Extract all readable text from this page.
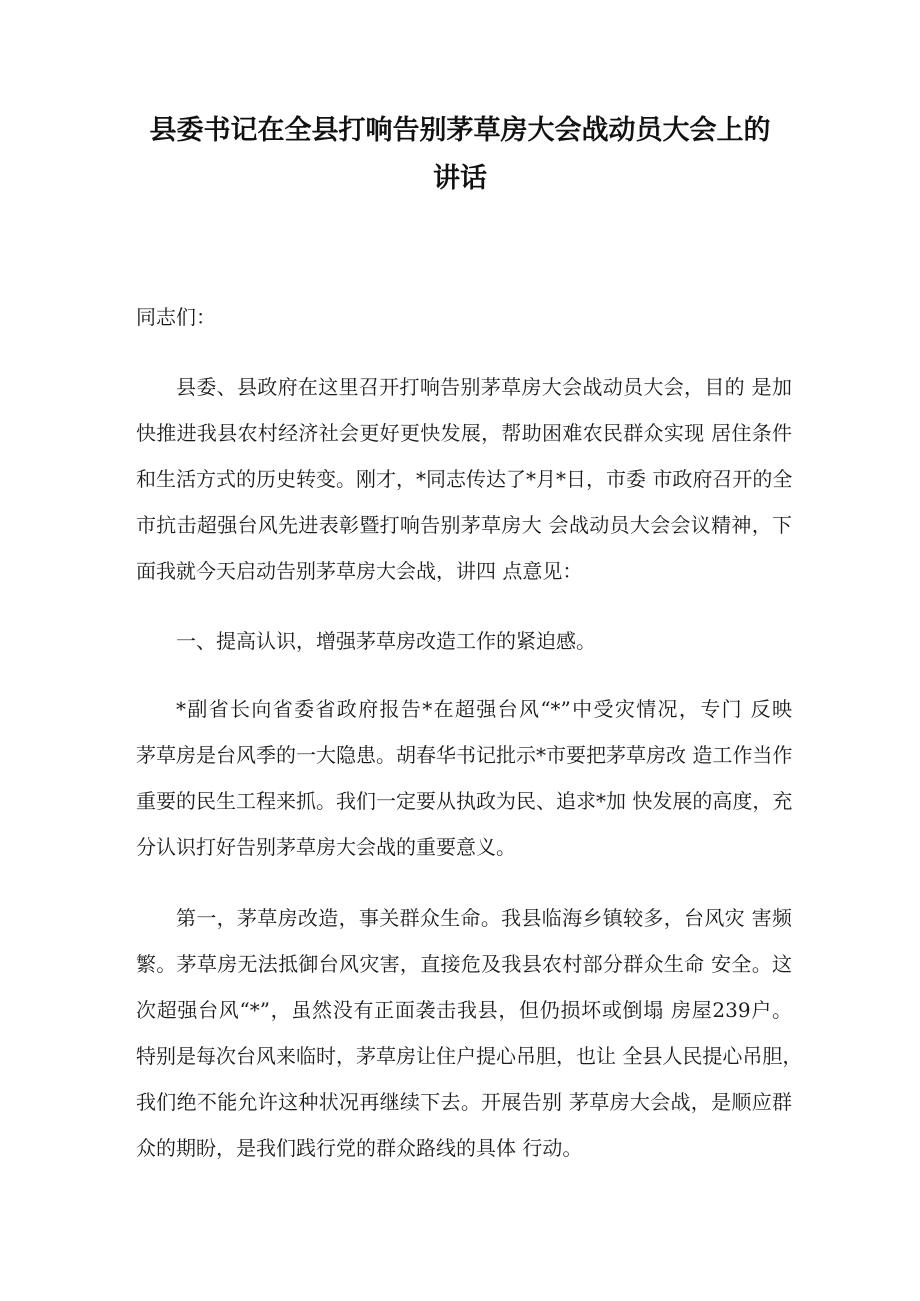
县委书记在全县打响告别茅草房大会战动员大会上的
讲话

同志们：

县委、县政府在这里召开打响告别茅草房大会战动员大会，目的 是加
快推进我县农村经济社会更好更快发展，帮助困难农民群众实现 居住条件
和生活方式的历史转变。刚才，*同志传达了*月*日，市委 市政府召开的全
市抗击超强台风先进表彰暨打响告别茅草房大 会战动员大会会议精神，下
面我就今天启动告别茅草房大会战，讲四 点意见：
一、提高认识，增强茅草房改造工作的紧迫感。
*副省长向省委省政府报告*在超强台风“*”中受灾情况，专门 反映
茅草房是台风季的一大隐患。胡春华书记批示*市要把茅草房改 造工作当作
重要的民生工程来抓。我们一定要从执政为民、追求*加 快发展的高度，充
分认识打好告别茅草房大会战的重要意义。
第一，茅草房改造，事关群众生命。我县临海乡镇较多，台风灾 害频
繁。茅草房无法抵御台风灾害，直接危及我县农村部分群众生命 安全。这
次超强台风“*”，虽然没有正面袭击我县，但仍损坏或倒塌 房屋239户。
特别是每次台风来临时，茅草房让住户提心吊胆，也让 全县人民提心吊胆，
我们绝不能允许这种状况再继续下去。开展告别 茅草房大会战，是顺应群
众的期盼，是我们践行党的群众路线的具体 行动。
